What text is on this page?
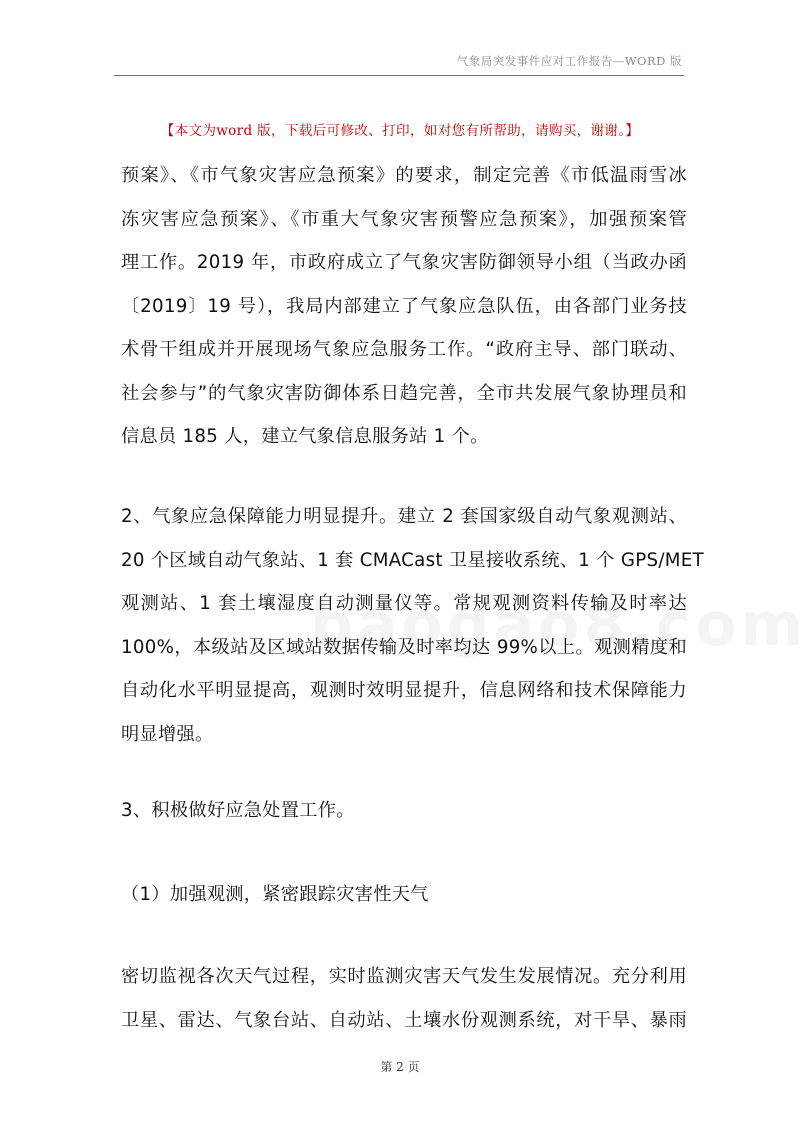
气象局突发事件应对工作报告—WORD 版
【本文为word 版，下载后可修改、打印，如对您有所帮助，请购买，谢谢。】
预案》、《市气象灾害应急预案》的要求，制定完善《市低温雨雪冰
冻灾害应急预案》、《市重大气象灾害预警应急预案》，加强预案管
理工作。2019 年，市政府成立了气象灾害防御领导小组（当政办函
〔2019〕19 号），我局内部建立了气象应急队伍，由各部门业务技
术骨干组成并开展现场气象应急服务工作。“政府主导、部门联动、
社会参与”的气象灾害防御体系日趋完善，全市共发展气象协理员和
信息员 185 人，建立气象信息服务站 1 个。
2、气象应急保障能力明显提升。建立 2 套国家级自动气象观测站、
20 个区域自动气象站、1 套 CMACast 卫星接收系统、1 个 GPS/MET
观测站、1 套土壤湿度自动测量仪等。常规观测资料传输及时率达
100%，本级站及区域站数据传输及时率均达 99%以上。观测精度和
自动化水平明显提高，观测时效明显提升，信息网络和技术保障能力
明显增强。
3、积极做好应急处置工作。
（1）加强观测，紧密跟踪灾害性天气
密切监视各次天气过程，实时监测灾害天气发生发展情况。充分利用
卫星、雷达、气象台站、自动站、土壤水份观测系统，对干旱、暴雨
第 2 页
